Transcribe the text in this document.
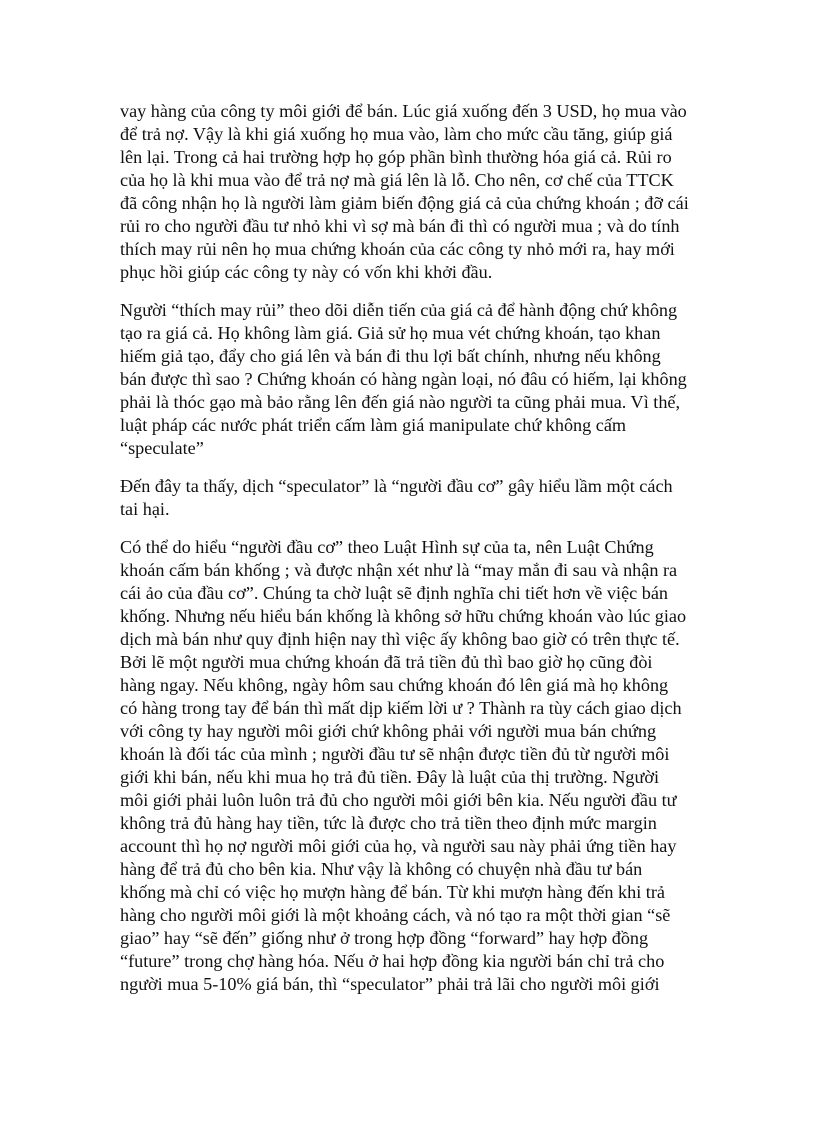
vay hàng của công ty môi giới để bán. Lúc giá xuống đến 3 USD, họ mua vào
để trả nợ. Vậy là khi giá xuống họ mua vào, làm cho mức cầu tăng, giúp giá
lên lại. Trong cả hai trường hợp họ góp phần bình thường hóa giá cả. Rủi ro
của họ là khi mua vào để trả nợ mà giá lên là lỗ. Cho nên, cơ chế của TTCK
đã công nhận họ là người làm giảm biến động giá cả của chứng khoán ; đỡ cái
rủi ro cho người đầu tư nhỏ khi vì sợ mà bán đi thì có người mua ; và do tính
thích may rủi nên họ mua chứng khoán của các công ty nhỏ mới ra, hay mới
phục hồi giúp các công ty này có vốn khi khởi đầu.
Người “thích may rủi” theo dõi diễn tiến của giá cả để hành động chứ không
tạo ra giá cả. Họ không làm giá. Giả sử họ mua vét chứng khoán, tạo khan
hiếm giả tạo, đẩy cho giá lên và bán đi thu lợi bất chính, nhưng nếu không
bán được thì sao ? Chứng khoán có hàng ngàn loại, nó đâu có hiếm, lại không
phải là thóc gạo mà bảo rằng lên đến giá nào người ta cũng phải mua. Vì thế,
luật pháp các nước phát triển cấm làm giá manipulate chứ không cấm
“speculate”
Đến đây ta thấy, dịch “speculator” là “người đầu cơ” gây hiểu lầm một cách
tai hại.
Có thể do hiểu “người đầu cơ” theo Luật Hình sự của ta, nên Luật Chứng
khoán cấm bán khống ; và được nhận xét như là “may mắn đi sau và nhận ra
cái ảo của đầu cơ”. Chúng ta chờ luật sẽ định nghĩa chi tiết hơn về việc bán
khống. Nhưng nếu hiểu bán khống là không sở hữu chứng khoán vào lúc giao
dịch mà bán như quy định hiện nay thì việc ấy không bao giờ có trên thực tế.
Bởi lẽ một người mua chứng khoán đã trả tiền đủ thì bao giờ họ cũng đòi
hàng ngay. Nếu không, ngày hôm sau chứng khoán đó lên giá mà họ không
có hàng trong tay để bán thì mất dịp kiếm lời ư ? Thành ra tùy cách giao dịch
với công ty hay người môi giới chứ không phải với người mua bán chứng
khoán là đối tác của mình ; người đầu tư sẽ nhận được tiền đủ từ người môi
giới khi bán, nếu khi mua họ trả đủ tiền. Đây là luật của thị trường. Người
môi giới phải luôn luôn trả đủ cho người môi giới bên kia. Nếu người đầu tư
không trả đủ hàng hay tiền, tức là được cho trả tiền theo định mức margin
account thì họ nợ người môi giới của họ, và người sau này phải ứng tiền hay
hàng để trả đủ cho bên kia. Như vậy là không có chuyện nhà đầu tư bán
khống mà chỉ có việc họ mượn hàng để bán. Từ khi mượn hàng đến khi trả
hàng cho người môi giới là một khoảng cách, và nó tạo ra một thời gian “sẽ
giao” hay “sẽ đến” giống như ở trong hợp đồng “forward” hay hợp đồng
“future” trong chợ hàng hóa. Nếu ở hai hợp đồng kia người bán chỉ trả cho
người mua 5-10% giá bán, thì “speculator” phải trả lãi cho người môi giới
